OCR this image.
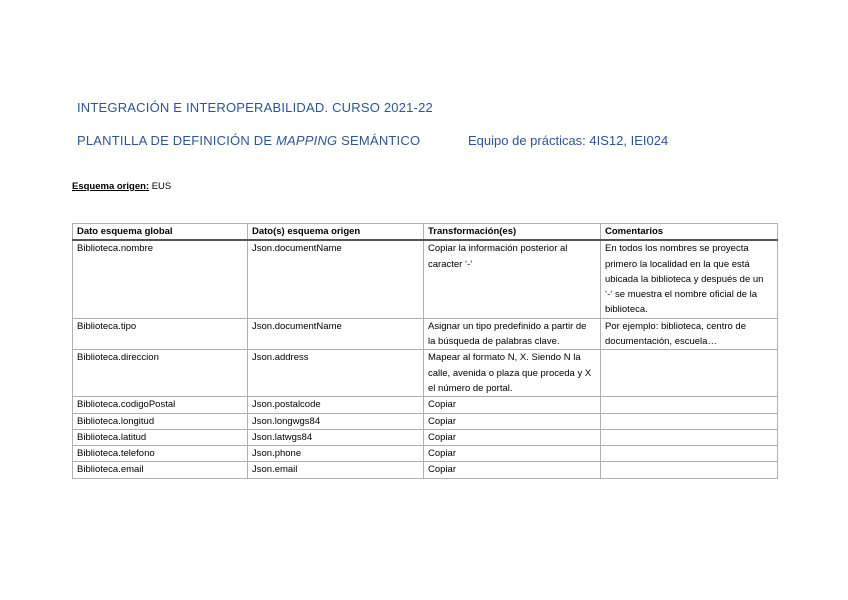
INTEGRACIÓN E INTEROPERABILIDAD. CURSO 2021-22
PLANTILLA DE DEFINICIÓN DE MAPPING SEMÁNTICO	Equipo de prácticas: 4IS12, IEI024
Esquema origen: EUS
Dato esquema global	Dato(s) esquema origen	Transformación(es)	Comentarios
Biblioteca.nombre	Json.documentName	Copiar la información posterior al caracter ‘-‘	En todos los nombres se proyecta primero la localidad en la que está ubicada la biblioteca y después de un ‘-‘ se muestra el nombre oficial de la biblioteca.
Biblioteca.tipo	Json.documentName	Asignar un tipo predefinido a partir de la búsqueda de palabras clave.	Por ejemplo: biblioteca, centro de documentación, escuela…
Biblioteca.direccion	Json.address	Mapear al formato N, X. Siendo N la calle, avenida o plaza que proceda y X el número de portal.	
Biblioteca.codigoPostal	Json.postalcode	Copiar	
Biblioteca.longitud	Json.longwgs84	Copiar	
Biblioteca.latitud	Json.latwgs84	Copiar	
Biblioteca.telefono	Json.phone	Copiar	
Biblioteca.email	Json.email	Copiar	
